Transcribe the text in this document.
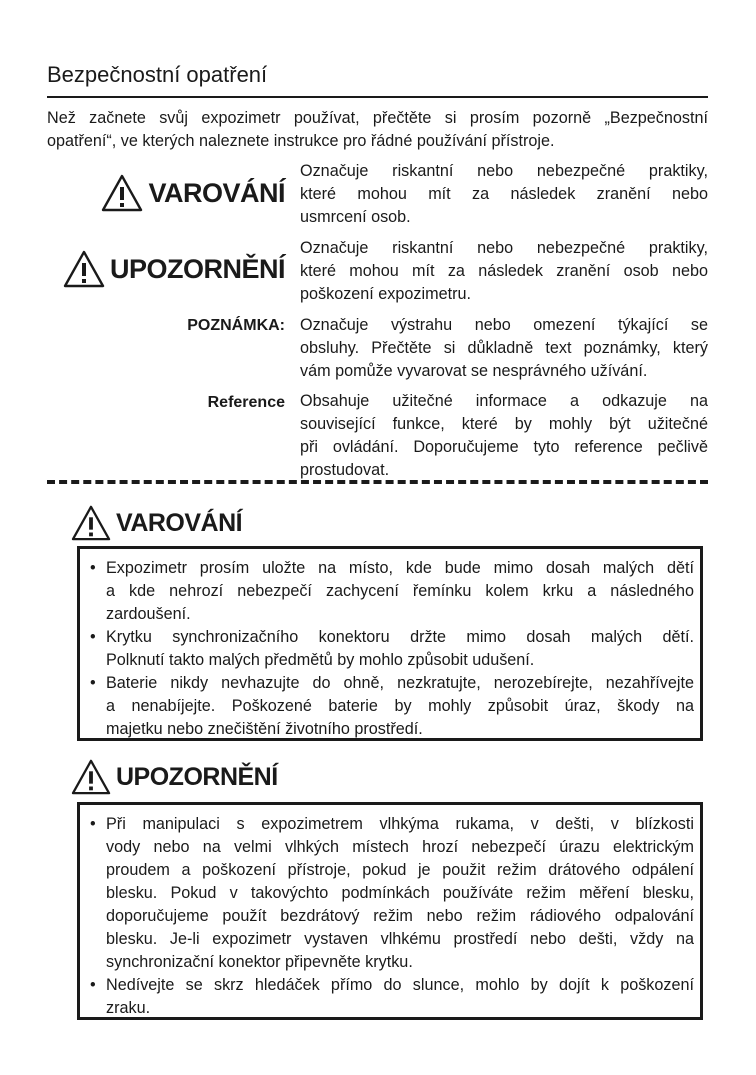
Bezpečnostní opatření
Než začnete svůj expozimetr používat, přečtěte si prosím pozorně „Bezpečnostní
opatření“, ve kterých naleznete instrukce pro řádné používání přístroje.
VAROVÁNÍ
Označuje riskantní nebo nebezpečné praktiky,
které mohou mít za následek zranění nebo
usmrcení osob.
UPOZORNĚNÍ
Označuje riskantní nebo nebezpečné praktiky,
které mohou mít za následek zranění osob nebo
poškození expozimetru.
POZNÁMKA: Označuje výstrahu nebo omezení týkající se
obsluhy. Přečtěte si důkladně text poznámky, který
vám pomůže vyvarovat se nesprávného užívání.
Reference Obsahuje užitečné informace a odkazuje na
související funkce, které by mohly být užitečné
při ovládání. Doporučujeme tyto reference pečlivě
prostudovat.
VAROVÁNÍ
• Expozimetr prosím uložte na místo, kde bude mimo dosah malých dětí
a kde nehrozí nebezpečí zachycení řemínku kolem krku a následného
zardoušení.
• Krytku synchronizačního konektoru držte mimo dosah malých dětí.
Polknutí takto malých předmětů by mohlo způsobit udušení.
• Baterie nikdy nevhazujte do ohně, nezkratujte, nerozebírejte, nezahřívejte
a nenabíjejte. Poškozené baterie by mohly způsobit úraz, škody na
majetku nebo znečištění životního prostředí.
UPOZORNĚNÍ
• Při manipulaci s expozimetrem vlhkýma rukama, v dešti, v blízkosti
vody nebo na velmi vlhkých místech hrozí nebezpečí úrazu elektrickým
proudem a poškození přístroje, pokud je použit režim drátového odpálení
blesku. Pokud v takovýchto podmínkách používáte režim měření blesku,
doporučujeme použít bezdrátový režim nebo režim rádiového odpalování
blesku. Je-li expozimetr vystaven vlhkému prostředí nebo dešti, vždy na
synchronizační konektor připevněte krytku.
• Nedívejte se skrz hledáček přímo do slunce, mohlo by dojít k poškození
zraku.
